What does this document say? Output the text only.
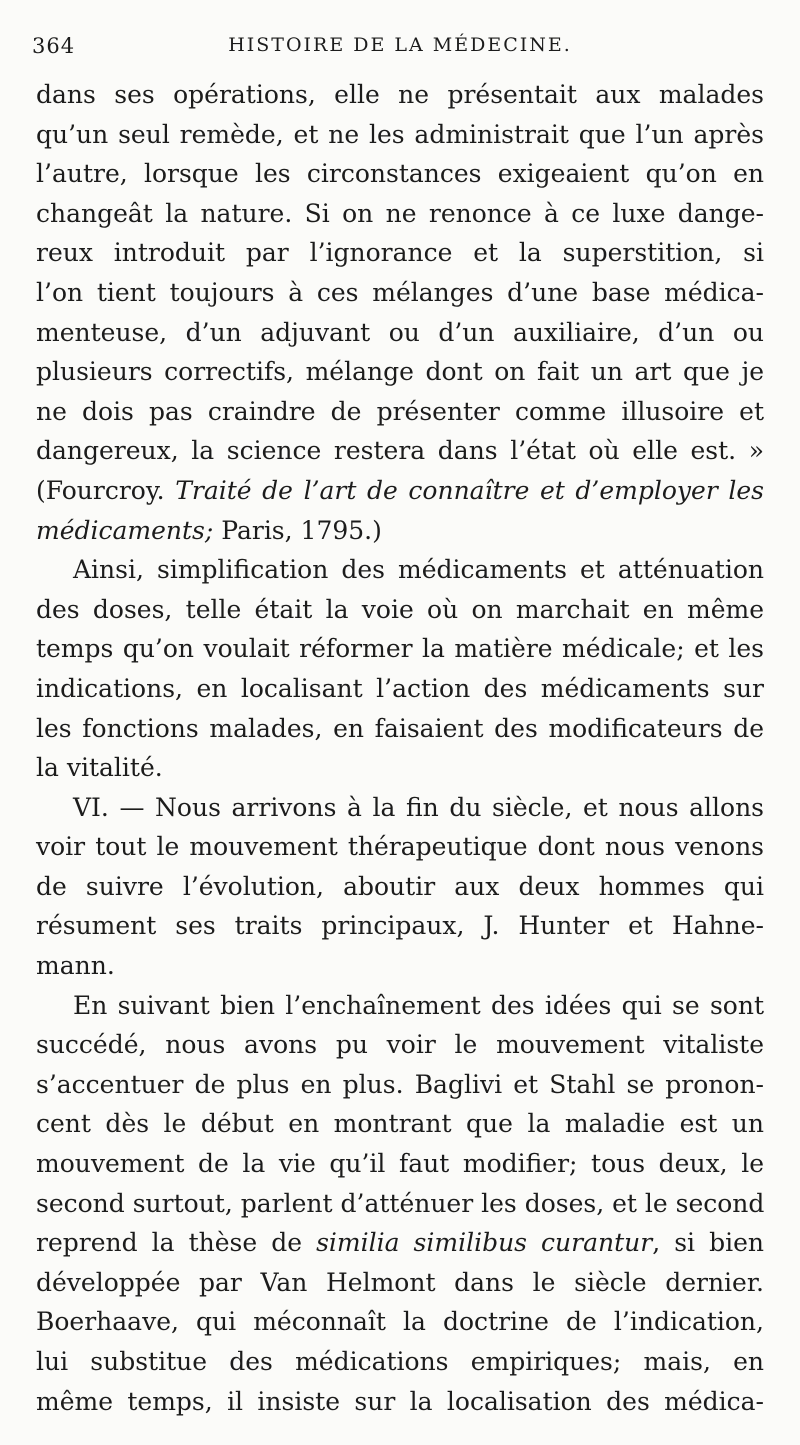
364	HISTOIRE DE LA MÉDECINE.
dans ses opérations, elle ne présentait aux malades
qu’un seul remède, et ne les administrait que l’un après
l’autre, lorsque les circonstances exigeaient qu’on en
changeât la nature. Si on ne renonce à ce luxe dange-
reux introduit par l’ignorance et la superstition, si
l’on tient toujours à ces mélanges d’une base médica-
menteuse, d’un adjuvant ou d’un auxiliaire, d’un ou
plusieurs correctifs, mélange dont on fait un art que je
ne dois pas craindre de présenter comme illusoire et
dangereux, la science restera dans l’état où elle est. »
(Fourcroy. Traité de l’art de connaître et d’employer les
médicaments; Paris, 1795.)
Ainsi, simplification des médicaments et atténuation
des doses, telle était la voie où on marchait en même
temps qu’on voulait réformer la matière médicale; et les
indications, en localisant l’action des médicaments sur
les fonctions malades, en faisaient des modificateurs de
la vitalité.
VI. — Nous arrivons à la fin du siècle, et nous allons
voir tout le mouvement thérapeutique dont nous venons
de suivre l’évolution, aboutir aux deux hommes qui
résument ses traits principaux, J. Hunter et Hahne-
mann.
En suivant bien l’enchaînement des idées qui se sont
succédé, nous avons pu voir le mouvement vitaliste
s’accentuer de plus en plus. Baglivi et Stahl se pronon-
cent dès le début en montrant que la maladie est un
mouvement de la vie qu’il faut modifier; tous deux, le
second surtout, parlent d’atténuer les doses, et le second
reprend la thèse de similia similibus curantur, si bien
développée par Van Helmont dans le siècle dernier.
Boerhaave, qui méconnaît la doctrine de l’indication,
lui substitue des médications empiriques; mais, en
même temps, il insiste sur la localisation des médica-
